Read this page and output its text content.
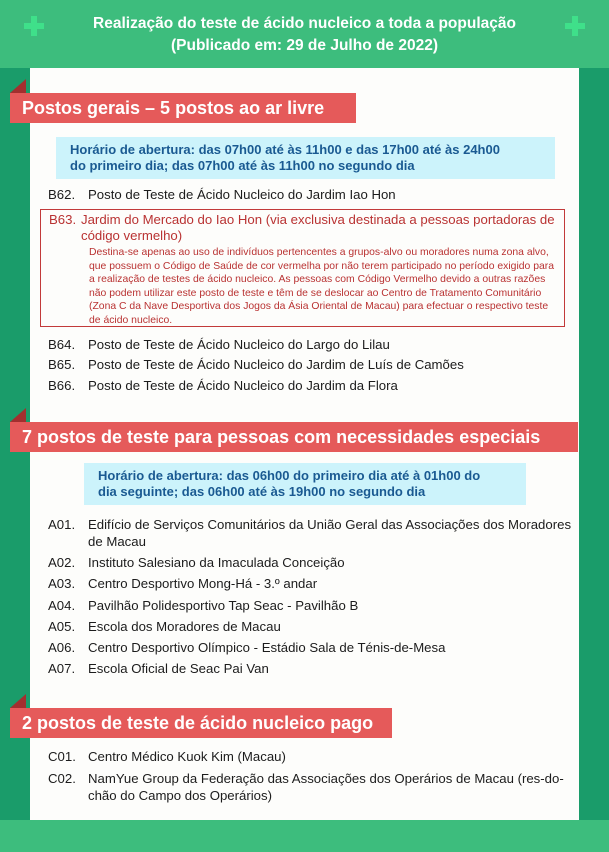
Realização do teste de ácido nucleico a toda a população
(Publicado em: 29 de Julho de 2022)
Postos gerais – 5 postos ao ar livre
Horário de abertura: das 07h00 até às 11h00 e das 17h00 até às 24h00
do primeiro dia; das 07h00 até às 11h00 no segundo dia
B62. Posto de Teste de Ácido Nucleico do Jardim Iao Hon
B63. Jardim do Mercado do Iao Hon (via exclusiva destinada a pessoas portadoras de código vermelho)
Destina-se apenas ao uso de indivíduos pertencentes a grupos-alvo ou moradores numa zona alvo, que possuem o Código de Saúde de cor vermelha por não terem participado no período exigido para a realização de testes de ácido nucleico. As pessoas com Código Vermelho devido a outras razões não podem utilizar este posto de teste e têm de se deslocar ao Centro de Tratamento Comunitário (Zona C da Nave Desportiva dos Jogos da Ásia Oriental de Macau) para efectuar o respectivo teste de ácido nucleico.
B64. Posto de Teste de Ácido Nucleico do Largo do Lilau
B65. Posto de Teste de Ácido Nucleico do Jardim de Luís de Camões
B66. Posto de Teste de Ácido Nucleico do Jardim da Flora
7 postos de teste para pessoas com necessidades especiais
Horário de abertura: das 06h00 do primeiro dia até à 01h00 do
dia seguinte; das 06h00 até às 19h00 no segundo dia
A01. Edifício de Serviços Comunitários da União Geral das Associações dos Moradores de Macau
A02. Instituto Salesiano da Imaculada Conceição
A03. Centro Desportivo Mong-Há - 3.º andar
A04. Pavilhão Polidesportivo Tap Seac - Pavilhão B
A05. Escola dos Moradores de Macau
A06. Centro Desportivo Olímpico - Estádio Sala de Ténis-de-Mesa
A07. Escola Oficial de Seac Pai Van
2 postos de teste de ácido nucleico pago
C01. Centro Médico Kuok Kim (Macau)
C02. NamYue Group da Federação das Associações dos Operários de Macau (res-do-chão do Campo dos Operários)
